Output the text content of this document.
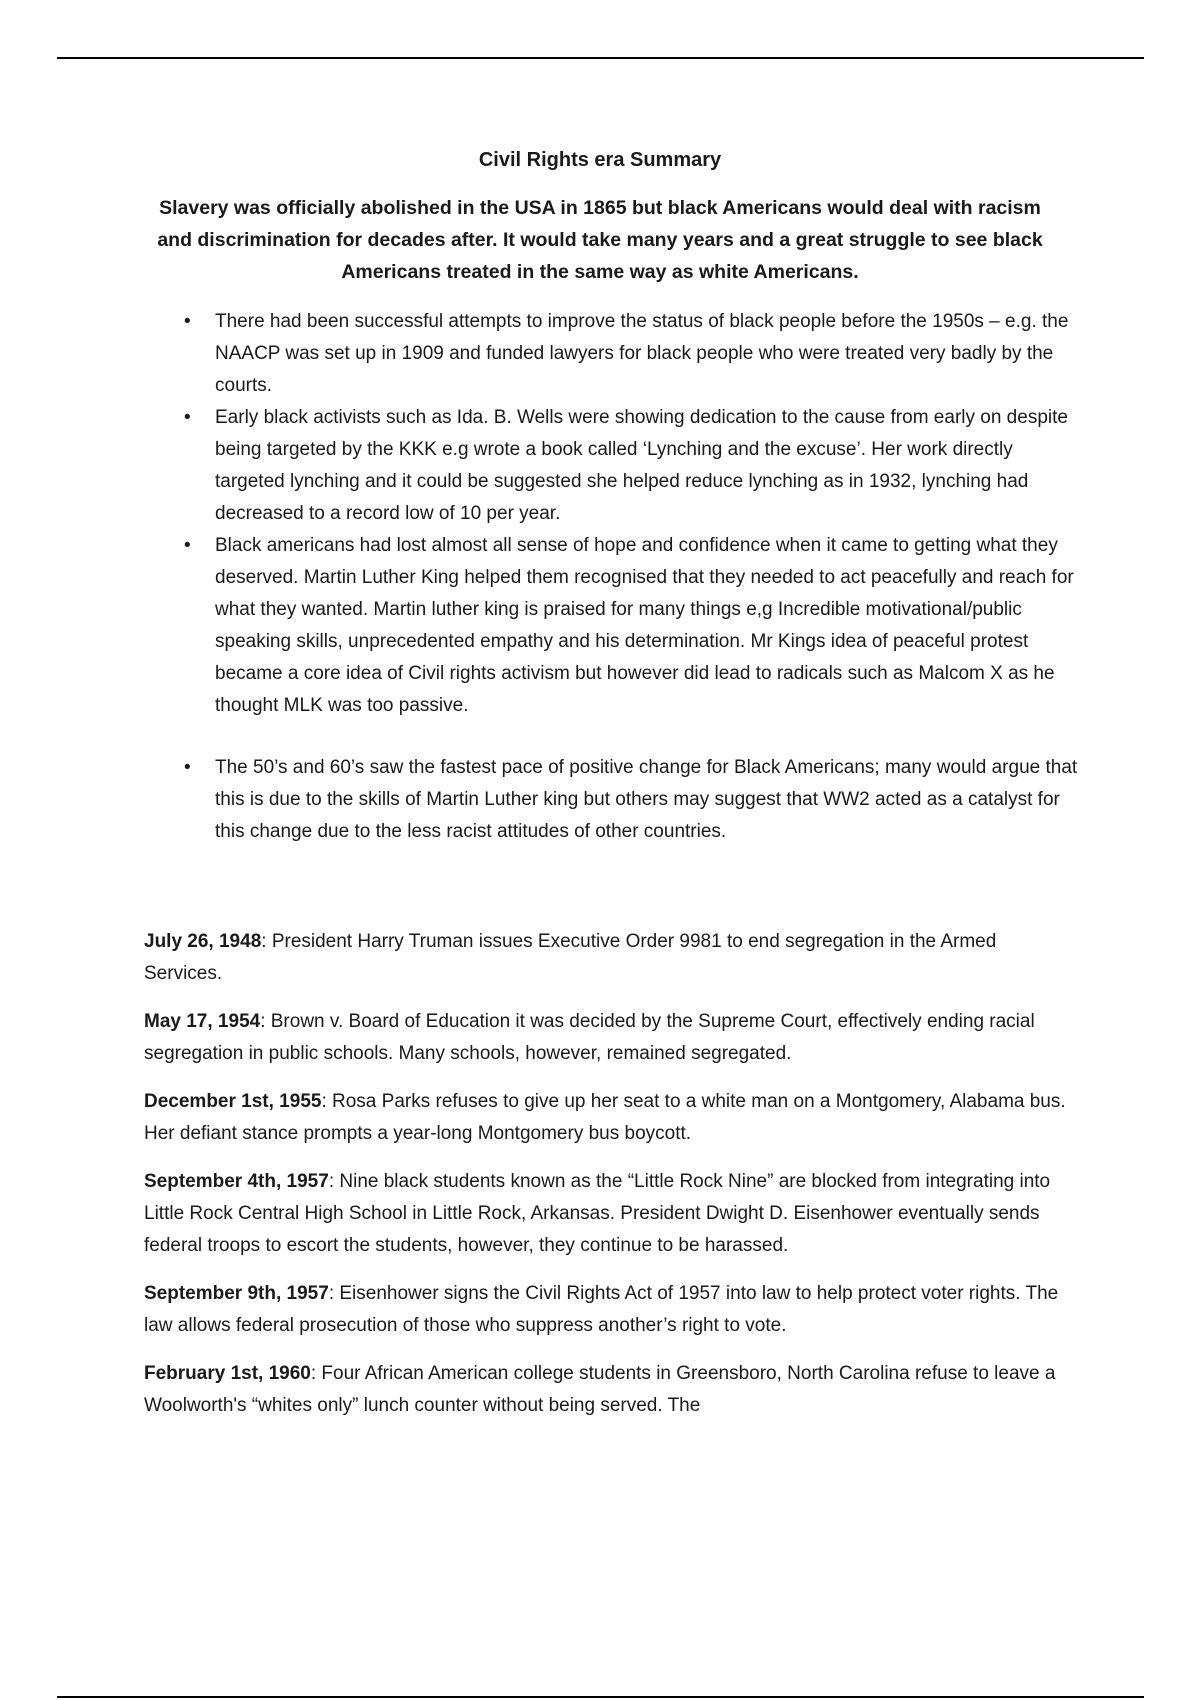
Civil Rights era Summary
Slavery was officially abolished in the USA in 1865 but black Americans would deal with racism and discrimination for decades after. It would take many years and a great struggle to see black Americans treated in the same way as white Americans.
• There had been successful attempts to improve the status of black people before the 1950s – e.g. the NAACP was set up in 1909 and funded lawyers for black people who were treated very badly by the courts.
• Early black activists such as Ida. B. Wells were showing dedication to the cause from early on despite being targeted by the KKK e.g wrote a book called ‘Lynching and the excuse’. Her work directly targeted lynching and it could be suggested she helped reduce lynching as in 1932, lynching had decreased to a record low of 10 per year.
• Black americans had lost almost all sense of hope and confidence when it came to getting what they deserved. Martin Luther King helped them recognised that they needed to act peacefully and reach for what they wanted. Martin luther king is praised for many things e,g Incredible motivational/public speaking skills, unprecedented empathy and his determination. Mr Kings idea of peaceful protest became a core idea of Civil rights activism but however did lead to radicals such as Malcom X as he thought MLK was too passive.
• The 50’s and 60’s saw the fastest pace of positive change for Black Americans; many would argue that this is due to the skills of Martin Luther king but others may suggest that WW2 acted as a catalyst for this change due to the less racist attitudes of other countries.

July 26, 1948: President Harry Truman issues Executive Order 9981 to end segregation in the Armed Services.

May 17, 1954: Brown v. Board of Education it was decided by the Supreme Court, effectively ending racial segregation in public schools. Many schools, however, remained segregated.

December 1st, 1955: Rosa Parks refuses to give up her seat to a white man on a Montgomery, Alabama bus. Her defiant stance prompts a year-long Montgomery bus boycott.

September 4th, 1957: Nine black students known as the “Little Rock Nine” are blocked from integrating into Little Rock Central High School in Little Rock, Arkansas. President Dwight D. Eisenhower eventually sends federal troops to escort the students, however, they continue to be harassed.

September 9th, 1957: Eisenhower signs the Civil Rights Act of 1957 into law to help protect voter rights. The law allows federal prosecution of those who suppress another’s right to vote.

February 1st, 1960: Four African American college students in Greensboro, North Carolina refuse to leave a Woolworth's “whites only” lunch counter without being served. The
